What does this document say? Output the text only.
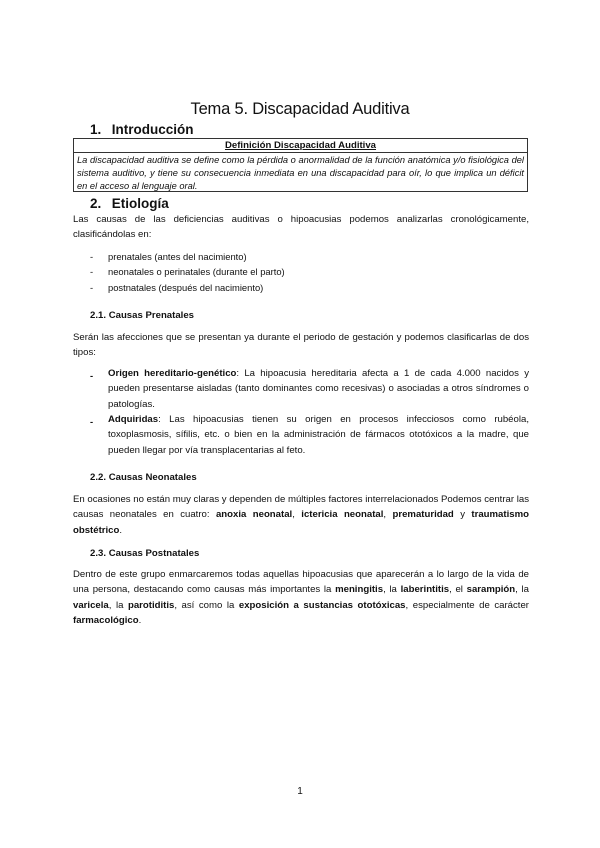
Tema 5. Discapacidad Auditiva
1. Introducción
Definición Discapacidad Auditiva
La discapacidad auditiva se define como la pérdida o anormalidad de la función anatómica y/o fisiológica del sistema auditivo, y tiene su consecuencia inmediata en una discapacidad para oír, lo que implica un déficit en el acceso al lenguaje oral.
2. Etiología
Las causas de las deficiencias auditivas o hipoacusias podemos analizarlas cronológicamente, clasificándolas en:
- prenatales (antes del nacimiento)
- neonatales o perinatales (durante el parto)
- postnatales (después del nacimiento)
2.1. Causas Prenatales
Serán las afecciones que se presentan ya durante el periodo de gestación y podemos clasificarlas de dos tipos:
- Origen hereditario-genético: La hipoacusia hereditaria afecta a 1 de cada 4.000 nacidos y pueden presentarse aisladas (tanto dominantes como recesivas) o asociadas a otros síndromes o patologías.
- Adquiridas: Las hipoacusias tienen su origen en procesos infecciosos como rubéola, toxoplasmosis, sífilis, etc. o bien en la administración de fármacos ototóxicos a la madre, que pueden llegar por vía transplacentarias al feto.
2.2. Causas Neonatales
En ocasiones no están muy claras y dependen de múltiples factores interrelacionados Podemos centrar las causas neonatales en cuatro: anoxia neonatal, ictericia neonatal, prematuridad y traumatismo obstétrico.
2.3. Causas Postnatales
Dentro de este grupo enmarcaremos todas aquellas hipoacusias que aparecerán a lo largo de la vida de una persona, destacando como causas más importantes la meningitis, la laberintitis, el sarampión, la varicela, la parotiditis, así como la exposición a sustancias ototóxicas, especialmente de carácter farmacológico.
1
